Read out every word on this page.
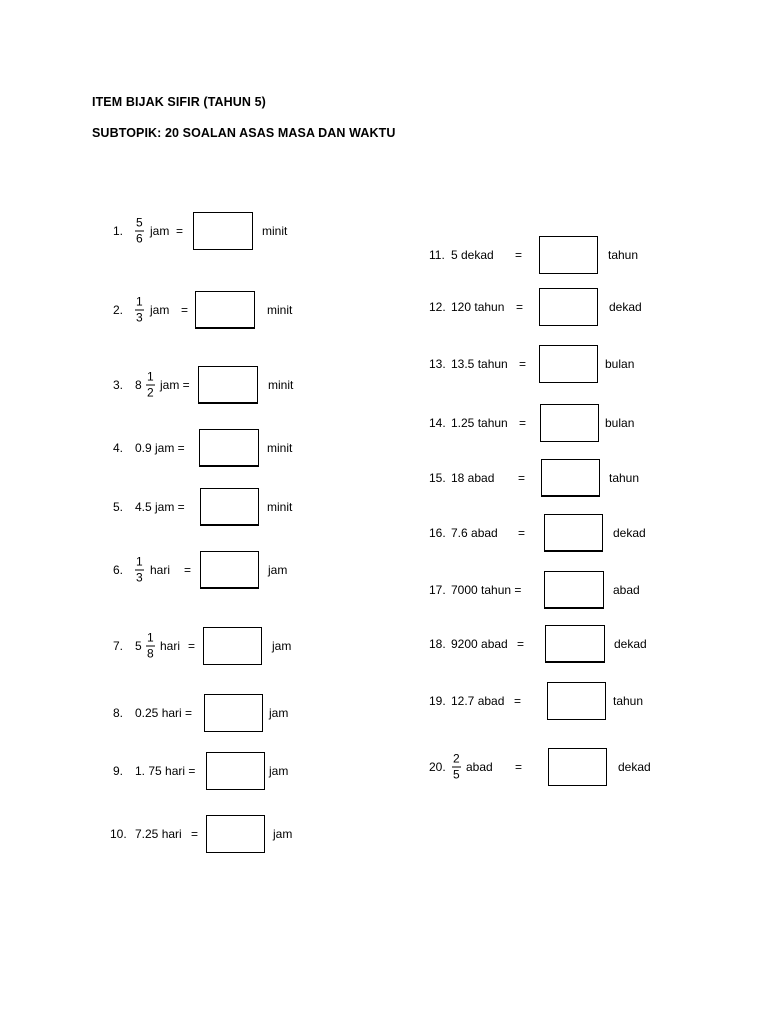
ITEM BIJAK SIFIR (TAHUN 5)
SUBTOPIK: 20 SOALAN ASAS MASA DAN WAKTU
1.
5
6
jam =	minit
2.
1
3
jam =	minit
3. 8
1
2
jam =	minit
4. 0.9 jam =	minit
5. 4.5 jam =	minit
6.
1
3
hari =	jam
7. 5
1
8
hari =	jam
8. 0.25 hari =	jam
9. 1. 75 hari =	jam
10. 7.25 hari =	jam
11. 5 dekad =	tahun
12. 120 tahun =	dekad
13. 13.5 tahun =	bulan
14. 1.25 tahun =	bulan
15. 18 abad =	tahun
16. 7.6 abad =	dekad
17. 7000 tahun =	abad
18. 9200 abad =	dekad
19. 12.7 abad =	tahun
20.
2
5
abad =	dekad
